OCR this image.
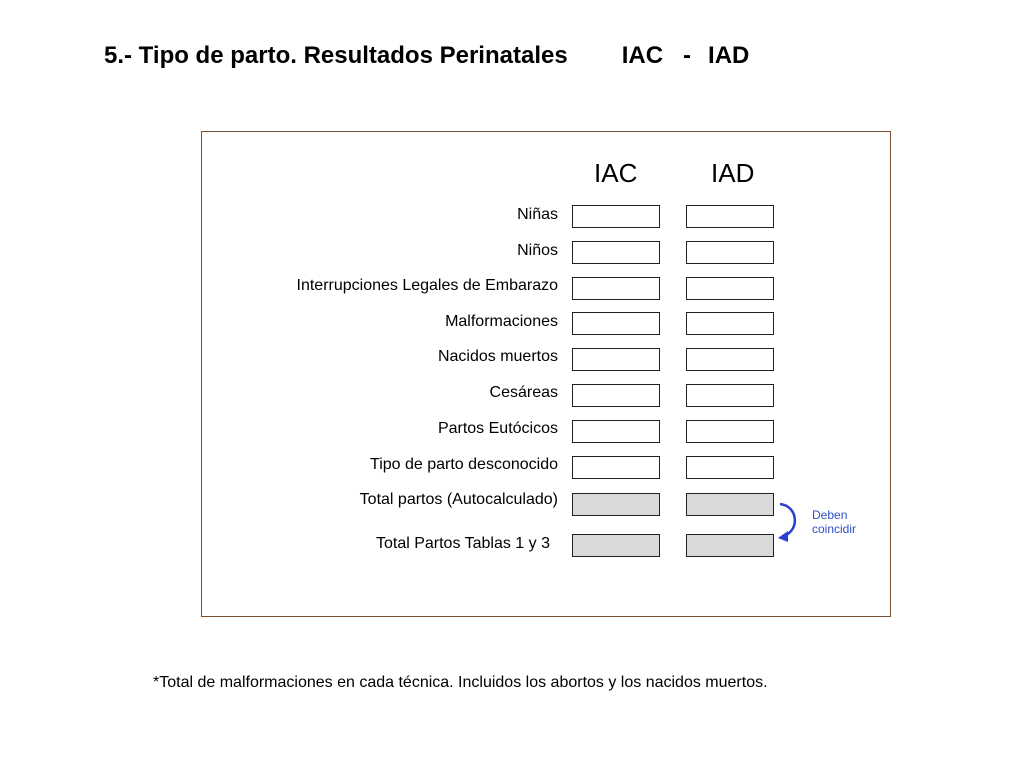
5.- Tipo de parto. Resultados Perinatales IAC - IAD
IAC	IAD
Niñas
Niños
Interrupciones Legales de Embarazo
Malformaciones
Nacidos muertos
Cesáreas
Partos Eutócicos
Tipo de parto desconocido
Total partos (Autocalculado)
Total Partos Tablas 1 y 3
Deben
coincidir
*Total de malformaciones en cada técnica. Incluidos los abortos y los nacidos muertos.
